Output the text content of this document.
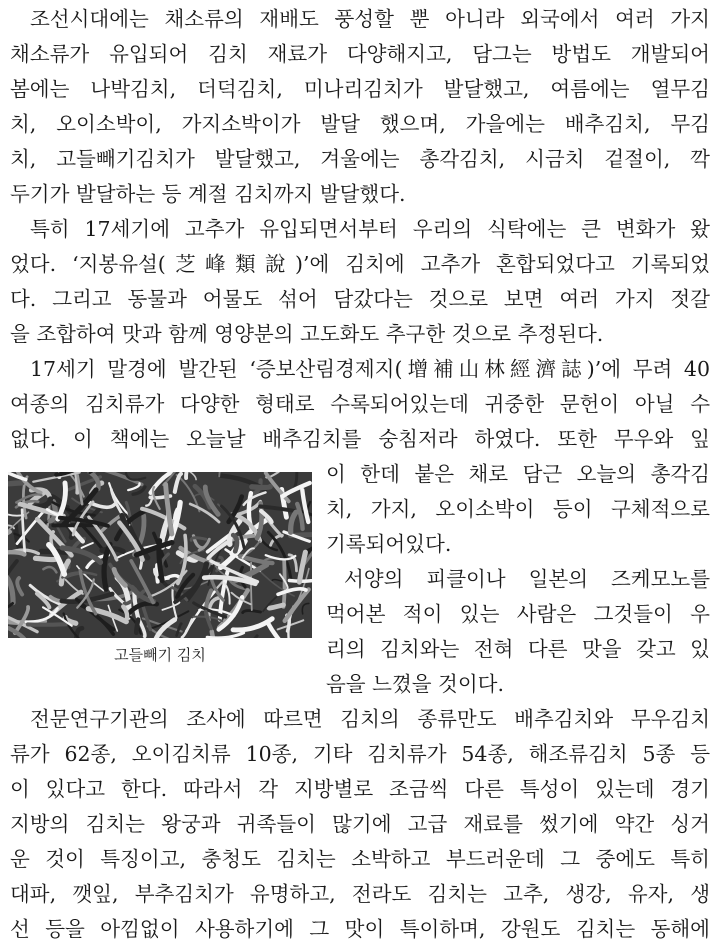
조선시대에는 채소류의 재배도 풍성할 뿐 아니라 외국에서 여러 가지
채소류가 유입되어 김치 재료가 다양해지고, 담그는 방법도 개발되어
봄에는 나박김치, 더덕김치, 미나리김치가 발달했고, 여름에는 열무김
치, 오이소박이, 가지소박이가 발달 했으며, 가을에는 배추김치, 무김
치, 고들빼기김치가 발달했고, 겨울에는 총각김치, 시금치 겉절이, 깍
두기가 발달하는 등 계절 김치까지 발달했다.
특히 17세기에 고추가 유입되면서부터 우리의 식탁에는 큰 변화가 왔
었다. ‘지봉유설(芝峰類說)’에 김치에 고추가 혼합되었다고 기록되었
다. 그리고 동물과 어물도 섞어 담갔다는 것으로 보면 여러 가지 젓갈
을 조합하여 맛과 함께 영양분의 고도화도 추구한 것으로 추정된다.
17세기 말경에 발간된 ‘증보산림경제지(增補山林經濟誌)’에 무려 40
여종의 김치류가 다양한 형태로 수록되어있는데 귀중한 문헌이 아닐 수
없다. 이 책에는 오늘날 배추김치를 숭침저라 하였다. 또한 무우와 잎
이 한데 붙은 채로 담근 오늘의 총각김
치, 가지, 오이소박이 등이 구체적으로
기록되어있다.
서양의 피클이나 일본의 즈케모노를
먹어본 적이 있는 사람은 그것들이 우
리의 김치와는 전혀 다른 맛을 갖고 있
음을 느꼈을 것이다.
전문연구기관의 조사에 따르면 김치의 종류만도 배추김치와 무우김치
류가 62종, 오이김치류 10종, 기타 김치류가 54종, 해조류김치 5종 등
이 있다고 한다. 따라서 각 지방별로 조금씩 다른 특성이 있는데 경기
지방의 김치는 왕궁과 귀족들이 많기에 고급 재료를 썼기에 약간 싱거
운 것이 특징이고, 충청도 김치는 소박하고 부드러운데 그 중에도 특히
대파, 깻잎, 부추김치가 유명하고, 전라도 김치는 고추, 생강, 유자, 생
선 등을 아낌없이 사용하기에 그 맛이 특이하며, 강원도 김치는 동해에
고들빼기 김치
